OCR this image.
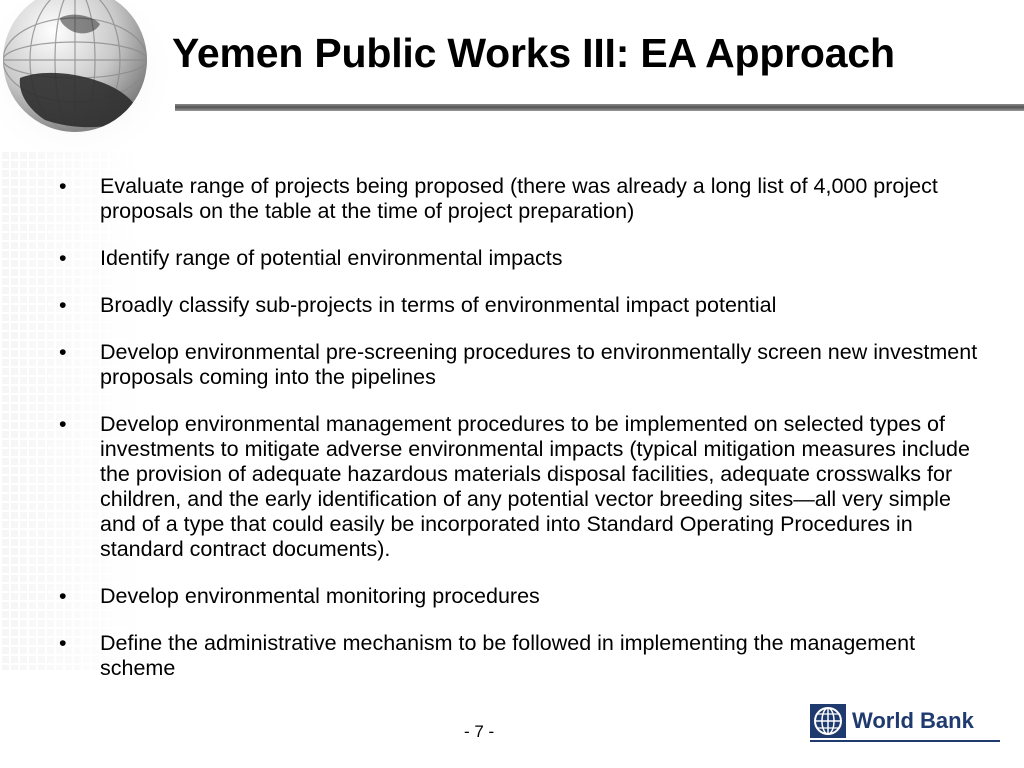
Yemen Public Works III: EA Approach
• Evaluate range of projects being proposed (there was already a long list of 4,000 project proposals on the table at the time of project preparation)
• Identify range of potential environmental impacts
• Broadly classify sub-projects in terms of environmental impact potential
• Develop environmental pre-screening procedures to environmentally screen new investment proposals coming into the pipelines
• Develop environmental management procedures to be implemented on selected types of investments to mitigate adverse environmental impacts (typical mitigation measures include the provision of adequate hazardous materials disposal facilities, adequate crosswalks for children, and the early identification of any potential vector breeding sites—all very simple and of a type that could easily be incorporated into Standard Operating Procedures in standard contract documents).
• Develop environmental monitoring procedures
• Define the administrative mechanism to be followed in implementing the management scheme
- 7 -	World Bank
